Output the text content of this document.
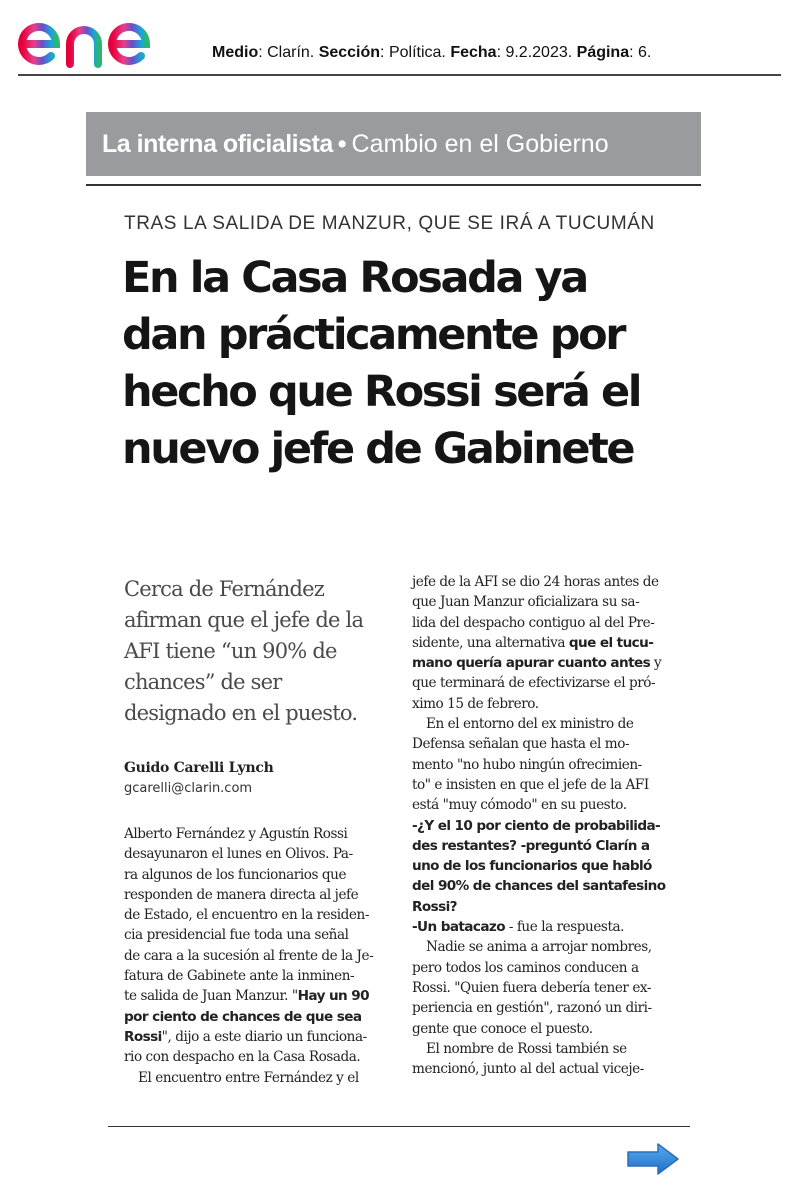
Medio: Clarín. Sección: Política. Fecha: 9.2.2023. Página: 6.
La interna oficialista • Cambio en el Gobierno
TRAS LA SALIDA DE MANZUR, QUE SE IRÁ A TUCUMÁN
En la Casa Rosada ya
dan prácticamente por
hecho que Rossi será el
nuevo jefe de Gabinete
Cerca de Fernández
afirman que el jefe de la
AFI tiene “un 90% de
chances” de ser
designado en el puesto.
Guido Carelli Lynch
gcarelli@clarin.com
Alberto Fernández y Agustín Rossi
desayunaron el lunes en Olivos. Pa-
ra algunos de los funcionarios que
responden de manera directa al jefe
de Estado, el encuentro en la residen-
cia presidencial fue toda una señal
de cara a la sucesión al frente de la Je-
fatura de Gabinete ante la inminen-
te salida de Juan Manzur. "Hay un 90
por ciento de chances de que sea
Rossi", dijo a este diario un funciona-
rio con despacho en la Casa Rosada.
El encuentro entre Fernández y el
jefe de la AFI se dio 24 horas antes de
que Juan Manzur oficializara su sa-
lida del despacho contiguo al del Pre-
sidente, una alternativa que el tucu-
mano quería apurar cuanto antes y
que terminará de efectivizarse el pró-
ximo 15 de febrero.
En el entorno del ex ministro de
Defensa señalan que hasta el mo-
mento "no hubo ningún ofrecimien-
to" e insisten en que el jefe de la AFI
está "muy cómodo" en su puesto.
-¿Y el 10 por ciento de probabilida-
des restantes? -preguntó Clarín a
uno de los funcionarios que habló
del 90% de chances del santafesino
Rossi?
-Un batacazo - fue la respuesta.
Nadie se anima a arrojar nombres,
pero todos los caminos conducen a
Rossi. "Quien fuera debería tener ex-
periencia en gestión", razonó un diri-
gente que conoce el puesto.
El nombre de Rossi también se
mencionó, junto al del actual viceje-
